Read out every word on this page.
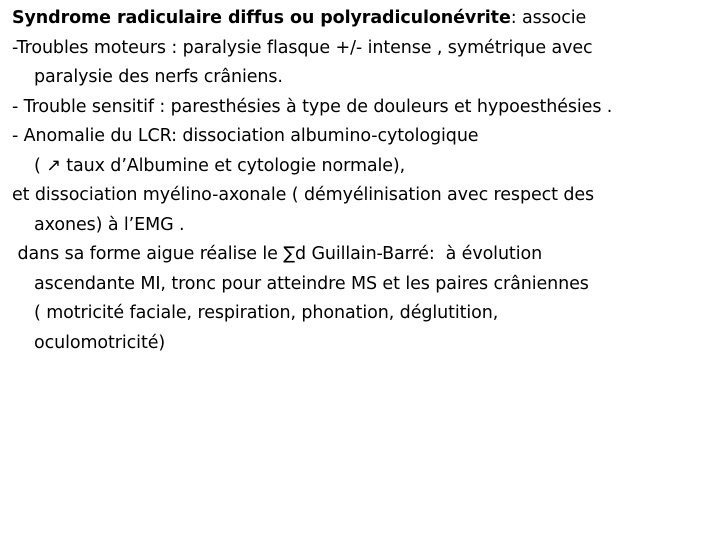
Syndrome radiculaire diffus ou polyradiculonévrite: associe
-Troubles moteurs : paralysie flasque +/- intense , symétrique avec
paralysie des nerfs crâniens.
- Trouble sensitif : paresthésies à type de douleurs et hypoesthésies .
- Anomalie du LCR: dissociation albumino-cytologique
( ↗ taux d’Albumine et cytologie normale),
et dissociation myélino-axonale ( démyélinisation avec respect des
axones) à l’EMG .
dans sa forme aigue réalise le ∑d Guillain-Barré:  à évolution
ascendante MI, tronc pour atteindre MS et les paires crâniennes
( motricité faciale, respiration, phonation, déglutition,
oculomotricité)
